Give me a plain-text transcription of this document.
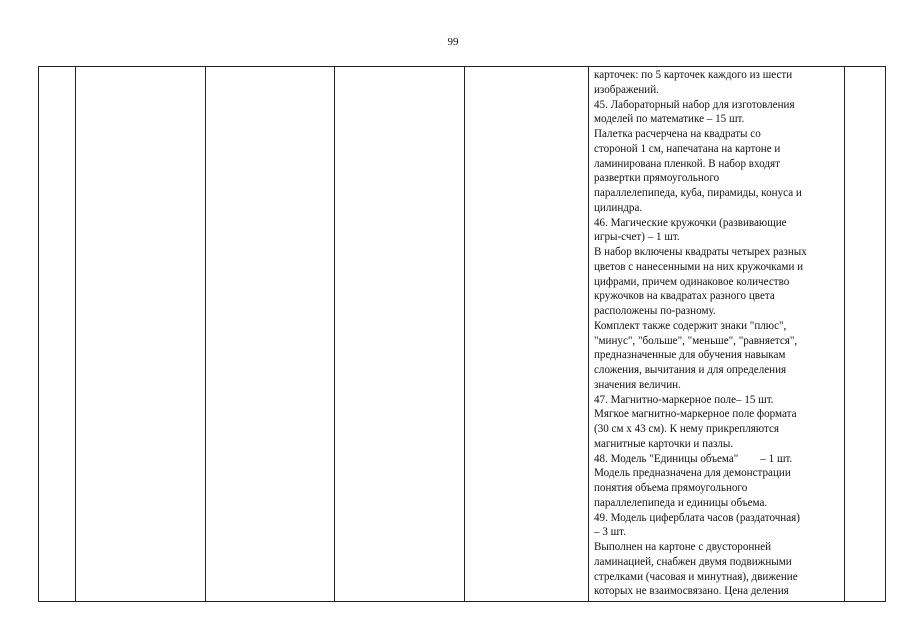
99

карточек: по 5 карточек каждого из шести
изображений.
45. Лабораторный набор для изготовления
моделей по математике – 15 шт.
Палетка расчерчена на квадраты со
стороной 1 см, напечатана на картоне и
ламинирована пленкой. В набор входят
развертки прямоугольного
параллелепипеда, куба, пирамиды, конуса и
цилиндра.
46. Магические кружочки (развивающие
игры-счет) – 1 шт.
В набор включены квадраты четырех разных
цветов с нанесенными на них кружочками и
цифрами, причем одинаковое количество
кружочков на квадратах разного цвета
расположены по-разному.
Комплект также содержит знаки "плюс",
"минус", "больше", "меньше", "равняется",
предназначенные для обучения навыкам
сложения, вычитания и для определения
значения величин.
47. Магнитно-маркерное поле– 15 шт.
Мягкое магнитно-маркерное поле формата
(30 см х 43 см). К нему прикрепляются
магнитные карточки и пазлы.
48. Модель "Единицы объема" – 1 шт.
Модель предназначена для демонстрации
понятия объема прямоугольного
параллелепипеда и единицы объема.
49. Модель циферблата часов (раздаточная)
– 3 шт.
Выполнен на картоне с двусторонней
ламинацией, снабжен двумя подвижными
стрелками (часовая и минутная), движение
которых не взаимосвязано. Цена деления
